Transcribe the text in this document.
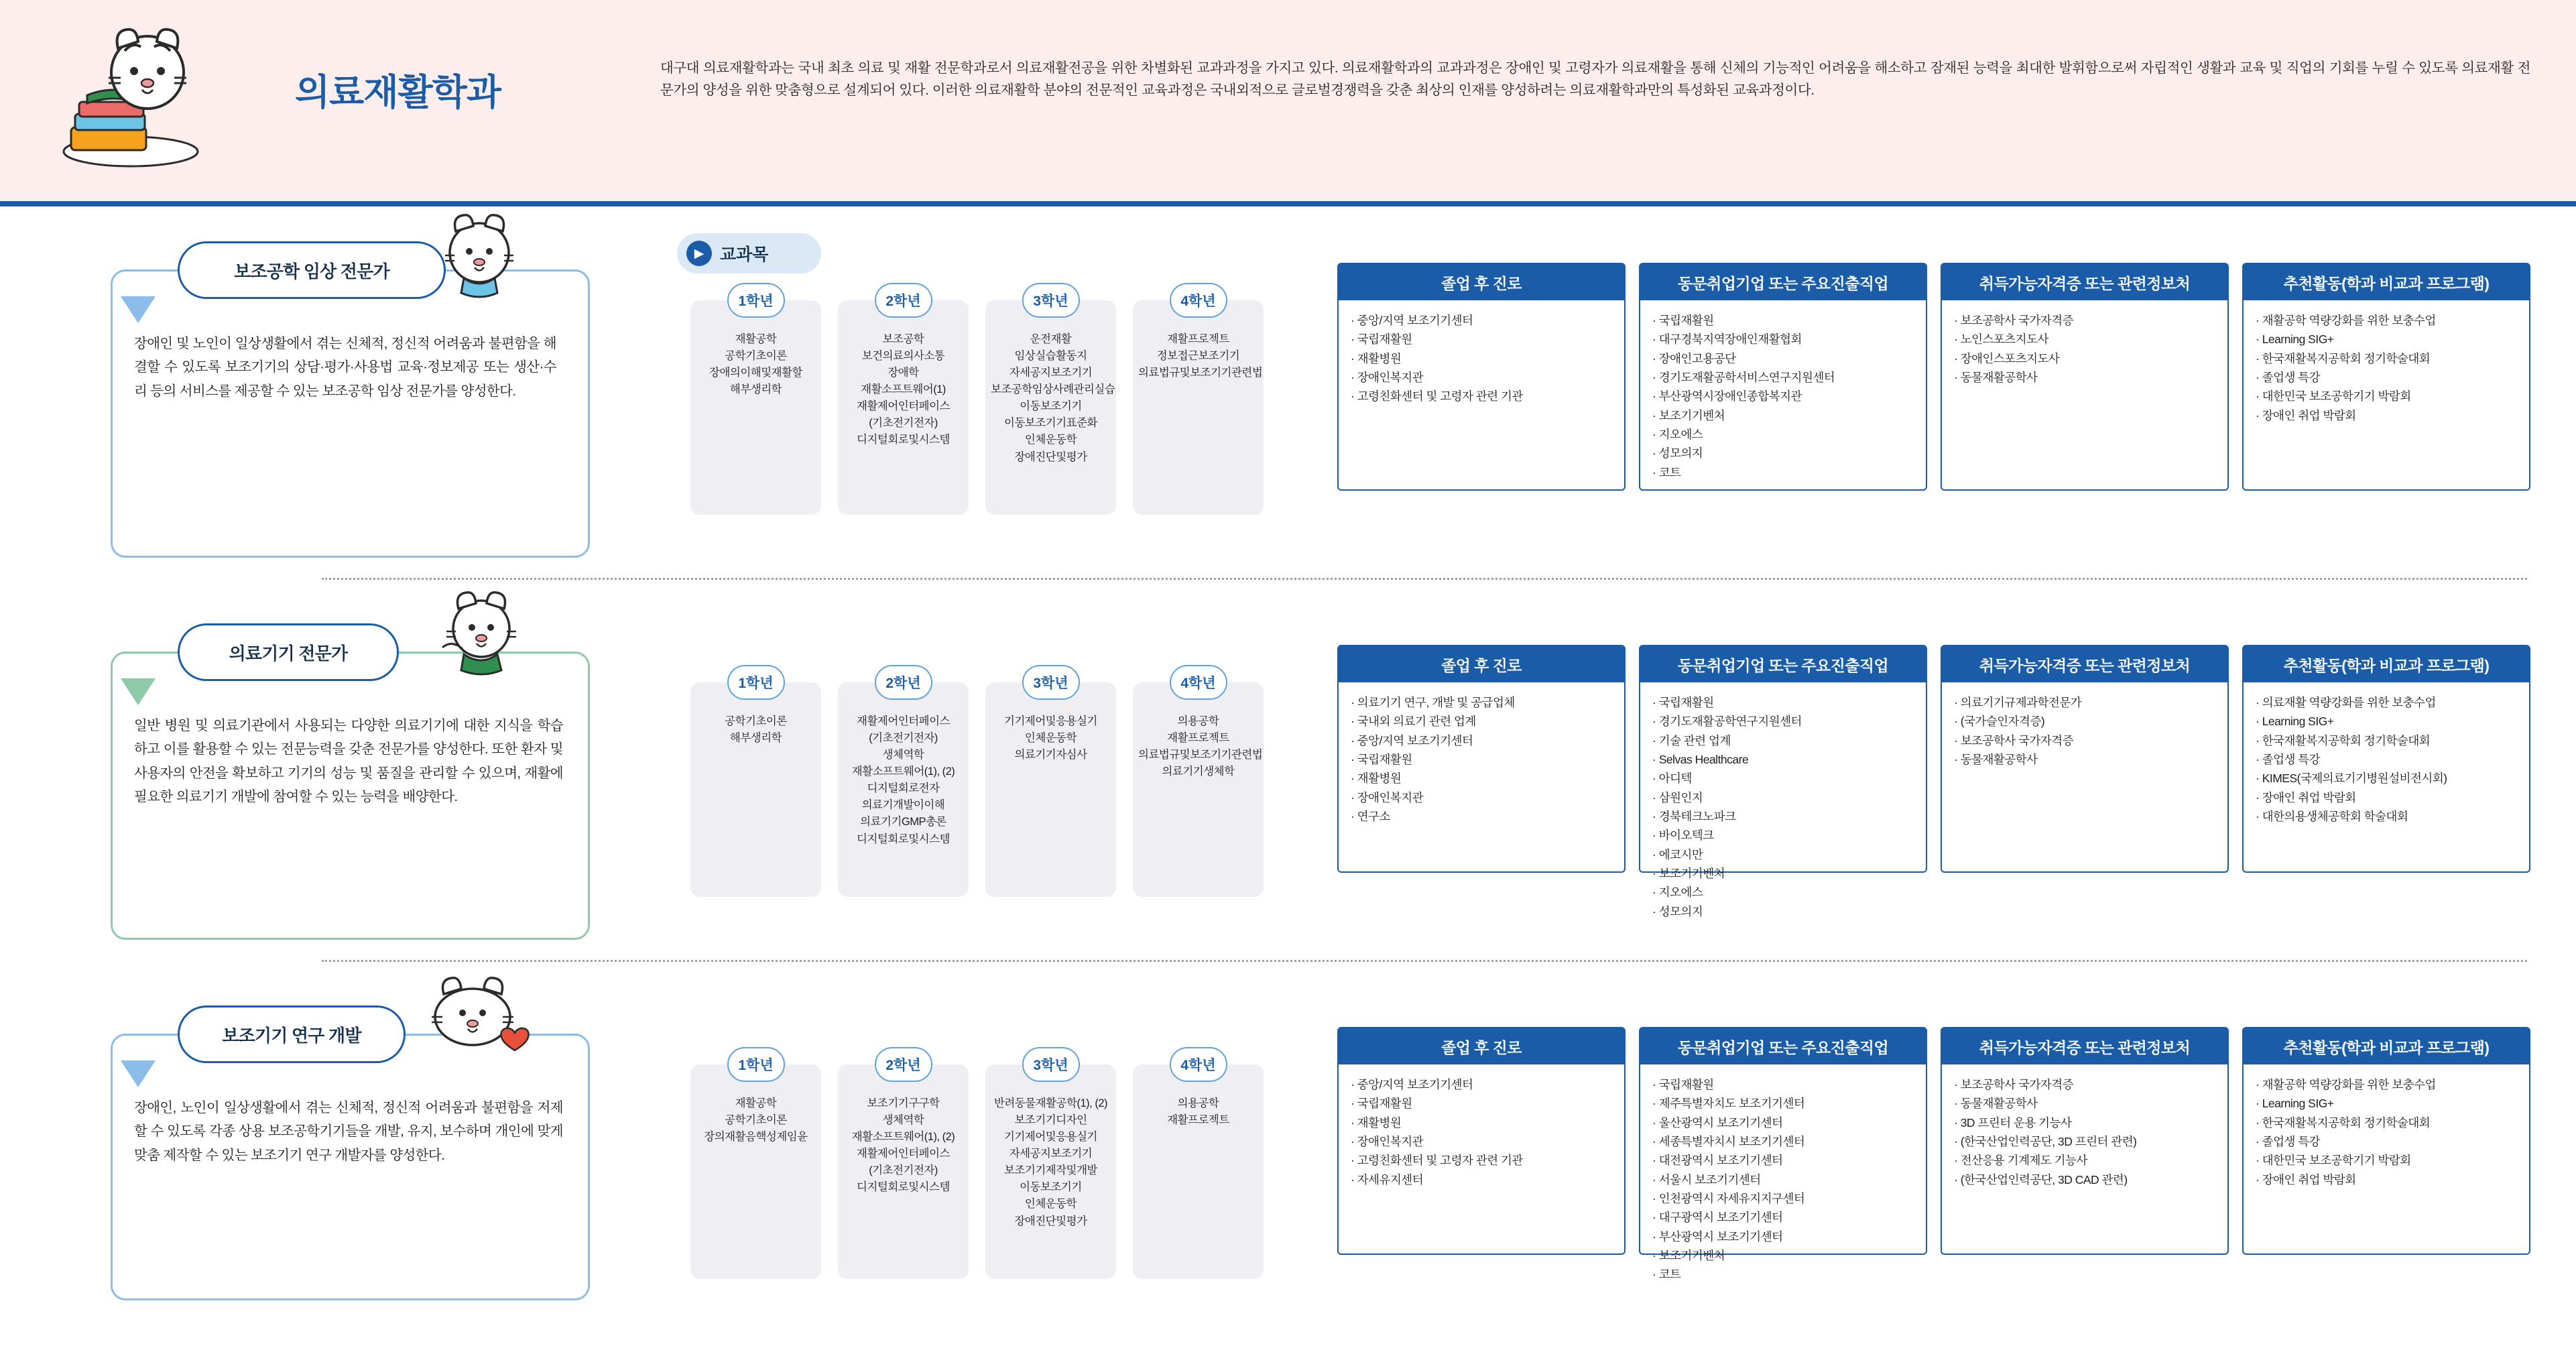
의료재활학과
대구대 의료재활학과는 국내 최초 의료 및 재활 전문학과로서 의료재활전공을 위한 차별화된 교과과정을 가지고 있다. 의료재활학과의 교과과정은 장애인 및 고령자가 의료재활을 통해 신체의 기능적인 어려움을 해소하고 잠재된 능력을 최대한 발휘함으로써 자립적인 생활과 교육 및 직업의 기회를 누릴 수 있도록 의료재활 전문가의 양성을 위한 맞춤형으로 설계되어 있다. 이러한 의료재활학 분야의 전문적인 교육과정은 국내외적으로 글로벌경쟁력을 갖춘 최상의 인재를 양성하려는 의료재활학과만의 특성화된 교육과정이다.
▶ 교과목
보조공학 임상 전문가
장애인 및 노인이 일상생활에서 겪는 신체적, 정신적 어려움과 불편함을 해결할 수 있도록 보조기기의 상담·평가·사용법 교육·정보제공 또는 생산·수리 등의 서비스를 제공할 수 있는 보조공학 임상 전문가를 양성한다.
1학년
재활공학
공학기초이론
장애의이해및재활할
해부생리학
2학년
보조공학
보건의료의사소통
장애학
재활소프트웨어(1)
재활제어인터페이스
(기초전기전자)
디지털회로및시스템
3학년
운전재활
임상실습활동지
자세공지보조기기
보조공학임상사례관리실습
이동보조기기
이동보조기기표준화
인체운동학
장애진단및평가
4학년
재활프로젝트
정보접근보조기기
의료법규및보조기기관련법
졸업 후 진로
· 중앙/지역 보조기기센터
· 국립재활원
· 재활병원
· 장애인복지관
· 고령친화센터 및 고령자 관련 기관
동문취업기업 또는 주요진출직업
· 국립재활원
· 대구경북지역장애인재활협회
· 장애인고용공단
· 경기도재활공학서비스연구지원센터
· 부산광역시장애인종합복지관
· 보조기기벤처
· 지오에스
· 성모의지
· 코트
취득가능자격증 또는 관련정보처
· 보조공학사 국가자격증
· 노인스포츠지도사
· 장애인스포츠지도사
· 동물재활공학사
추천활동(학과 비교과 프로그램)
· 재활공학 역량강화를 위한 보충수업
· Learning SIG+
· 한국재활복지공학회 정기학술대회
· 졸업생 특강
· 대한민국 보조공학기기 박람회
· 장애인 취업 박람회
의료기기 전문가
일반 병원 및 의료기관에서 사용되는 다양한 의료기기에 대한 지식을 학습하고 이를 활용할 수 있는 전문능력을 갖춘 전문가를 양성한다. 또한 환자 및 사용자의 안전을 확보하고 기기의 성능 및 품질을 관리할 수 있으며, 재활에 필요한 의료기기 개발에 참여할 수 있는 능력을 배양한다.
1학년
공학기초이론
해부생리학
2학년
재활제어인터페이스
(기초전기전자)
생체역학
재활소프트웨어(1), (2)
디지털회로전자
의료기개발이이해
의료기기GMP총론
디지털회로및시스템
3학년
기기제어및응용실기
인체운동학
의료기기자심사
4학년
의용공학
재활프로젝트
의료법규및보조기기관련법
의료기기생체학
졸업 후 진로
· 의료기기 연구, 개발 및 공급업체
· 국내외 의료기 관련 업계
· 중앙/지역 보조기기센터
· 국립재활원
· 재활병원
· 장애인복지관
· 연구소
동문취업기업 또는 주요진출직업
· 국립재활원
· 경기도재활공학연구지원센터
· 기술 관련 업계
· Selvas Healthcare
· 아디텍
· 삼원인지
· 경북테크노파크
· 바이오텍크
· 에코시만
· 보조기기벤처
· 지오에스
· 성모의지
취득가능자격증 또는 관련정보처
· 의료기기규제과학전문가
· (국가슬인자격증)
· 보조공학사 국가자격증
· 동물재활공학사
추천활동(학과 비교과 프로그램)
· 의료재활 역량강화를 위한 보충수업
· Learning SIG+
· 한국재활복지공학회 정기학술대회
· 졸업생 특강
· KIMES(국제의료기기병원설비전시회)
· 장애인 취업 박람회
· 대한의용생체공학회 학술대회
보조기기 연구 개발
장애인, 노인이 일상생활에서 겪는 신체적, 정신적 어려움과 불편함을 저제할 수 있도록 각종 상용 보조공학기기들을 개발, 유지, 보수하며 개인에 맞게 맞춤 제작할 수 있는 보조기기 연구 개발자를 양성한다.
1학년
재활공학
공학기초이론
장의재활음핵성제임윤
2학년
보조기기구구학
생체역학
재활소프트웨어(1), (2)
재활제어인터페이스
(기초전기전자)
디지털회로및시스템
3학년
반려동물재활공학(1), (2)
보조기기디자인
기기제어및응용실기
자세공지보조기기
보조기기제작및개발
이동보조기기
인체운동학
장애진단및평가
4학년
의용공학
재활프로젝트
졸업 후 진로
· 중앙/지역 보조기기센터
· 국립재활원
· 재활병원
· 장애인복지관
· 고령친화센터 및 고령자 관련 기관
· 자세유지센터
동문취업기업 또는 주요진출직업
· 국립재활원
· 제주특별자치도 보조기기센터
· 울산광역시 보조기기센터
· 세종특별자치시 보조기기센터
· 대전광역시 보조기기센터
· 서울시 보조기기센터
· 인천광역시 자세유지지구센터
· 대구광역시 보조기기센터
· 부산광역시 보조기기센터
· 보조기기벤처
· 코트
취득가능자격증 또는 관련정보처
· 보조공학사 국가자격증
· 동물재활공학사
· 3D 프린터 운용 기능사
· (한국산업인력공단, 3D 프린터 관련)
· 전산응용 기계제도 기능사
· (한국산업인력공단, 3D CAD 관련)
추천활동(학과 비교과 프로그램)
· 재활공학 역량강화를 위한 보충수업
· Learning SIG+
· 한국재활복지공학회 정기학술대회
· 졸업생 특강
· 대한민국 보조공학기기 박람회
· 장애인 취업 박람회
